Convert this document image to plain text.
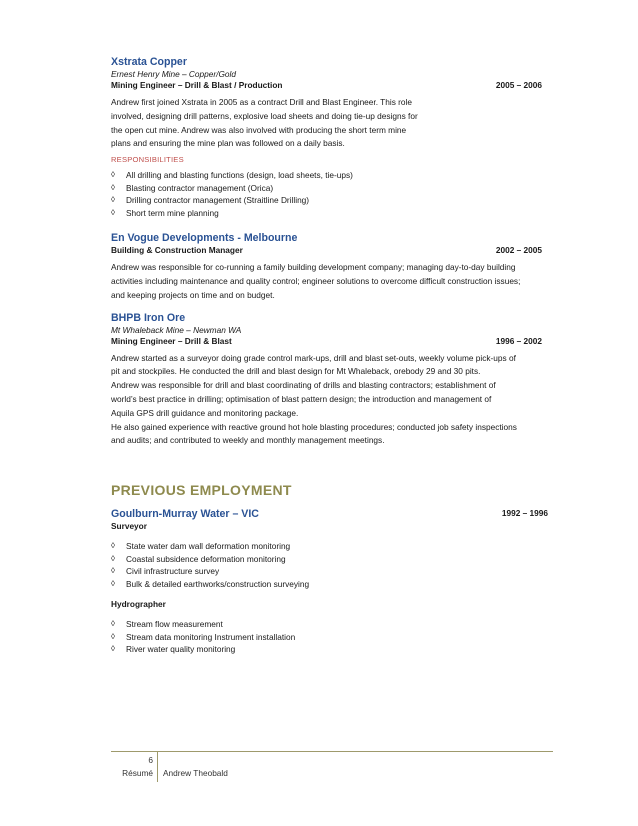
Xstrata Copper
Ernest Henry Mine – Copper/Gold
Mining Engineer – Drill & Blast / Production	2005 – 2006
Andrew first joined Xstrata in 2005 as a contract Drill and Blast Engineer. This role
involved, designing drill patterns, explosive load sheets and doing tie-up designs for
the open cut mine. Andrew was also involved with producing the short term mine
plans and ensuring the mine plan was followed on a daily basis.
RESPONSIBILITIES
◊	All drilling and blasting functions (design, load sheets, tie-ups)
◊	Blasting contractor management (Orica)
◊	Drilling contractor management (Straitline Drilling)
◊	Short term mine planning
En Vogue Developments - Melbourne
Building & Construction Manager	2002 – 2005
Andrew was responsible for co-running a family building development company; managing day-to-day building
activities including maintenance and quality control; engineer solutions to overcome difficult construction issues;
and keeping projects on time and on budget.
BHPB Iron Ore
Mt Whaleback Mine – Newman WA
Mining Engineer – Drill & Blast	1996 – 2002
Andrew started as a surveyor doing grade control mark-ups, drill and blast set-outs, weekly volume pick-ups of
pit and stockpiles. He conducted the drill and blast design for Mt Whaleback, orebody 29 and 30 pits.
Andrew was responsible for drill and blast coordinating of drills and blasting contractors; establishment of
world’s best practice in drilling; optimisation of blast pattern design; the introduction and management of
Aquila GPS drill guidance and monitoring package.
He also gained experience with reactive ground hot hole blasting procedures; conducted job safety inspections
and audits; and contributed to weekly and monthly management meetings.
PREVIOUS EMPLOYMENT
Goulburn-Murray Water – VIC	1992 – 1996
Surveyor
◊	State water dam wall deformation monitoring
◊	Coastal subsidence deformation monitoring
◊	Civil infrastructure survey
◊	Bulk & detailed earthworks/construction surveying
Hydrographer
◊	Stream flow measurement
◊	Stream data monitoring Instrument installation
◊	River water quality monitoring
6
Résumé Andrew Theobald
